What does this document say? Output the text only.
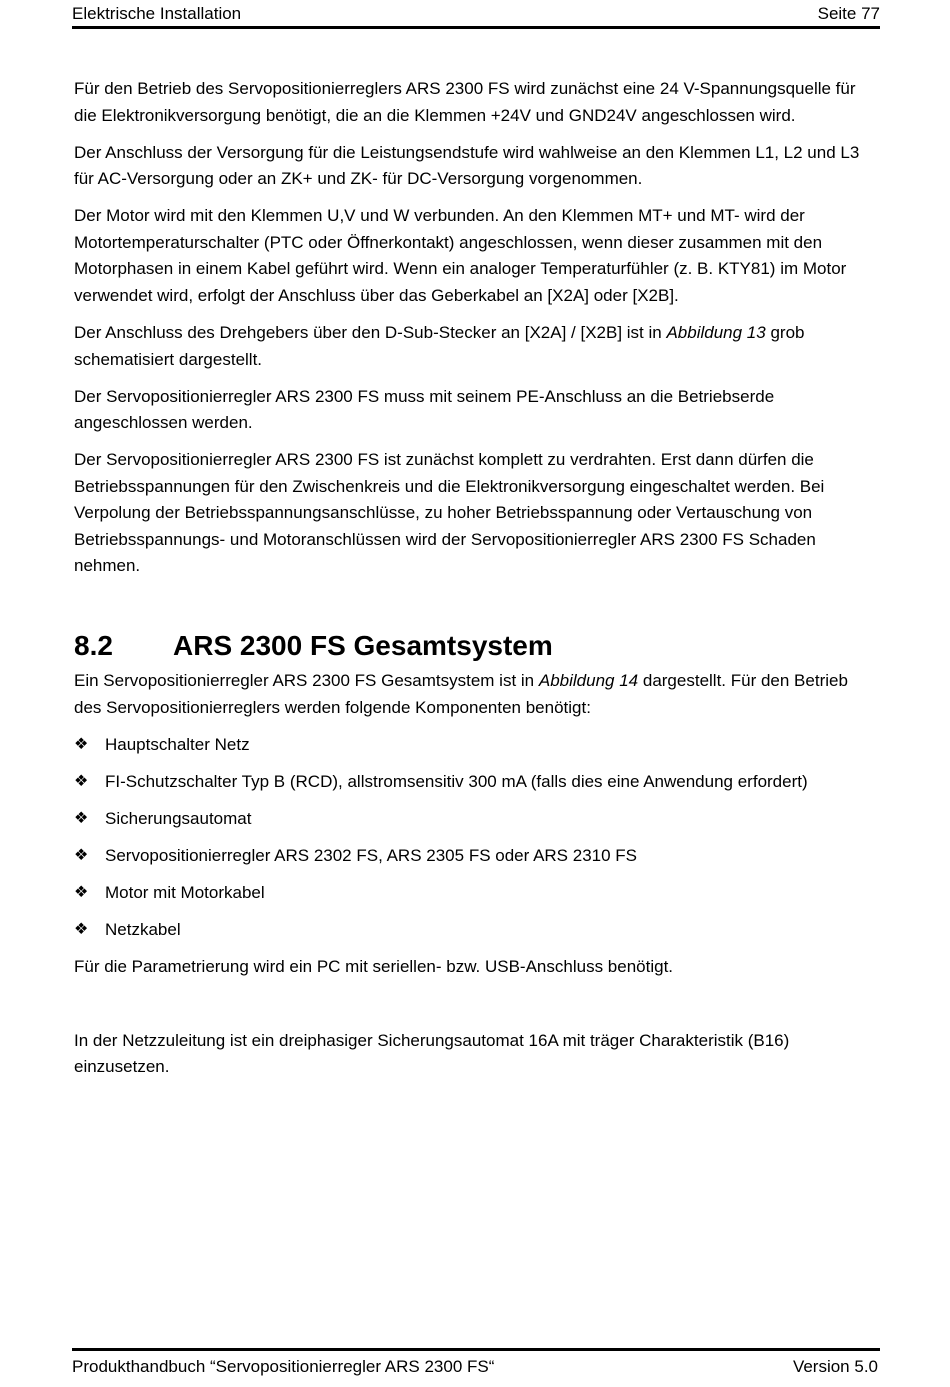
Elektrische Installation	Seite 77

Für den Betrieb des Servopositionierreglers ARS 2300 FS wird zunächst eine 24 V-Spannungsquelle für die Elektronikversorgung benötigt, die an die Klemmen +24V und GND24V angeschlossen wird.

Der Anschluss der Versorgung für die Leistungsendstufe wird wahlweise an den Klemmen L1, L2 und L3 für AC-Versorgung oder an ZK+ und ZK- für DC-Versorgung vorgenommen.

Der Motor wird mit den Klemmen U,V und W verbunden. An den Klemmen MT+ und MT- wird der Motortemperaturschalter (PTC oder Öffnerkontakt) angeschlossen, wenn dieser zusammen mit den Motorphasen in einem Kabel geführt wird. Wenn ein analoger Temperaturfühler (z. B. KTY81) im Motor verwendet wird, erfolgt der Anschluss über das Geberkabel an [X2A] oder [X2B].

Der Anschluss des Drehgebers über den D-Sub-Stecker an [X2A] / [X2B] ist in Abbildung 13 grob schematisiert dargestellt.

Der Servopositionierregler ARS 2300 FS muss mit seinem PE-Anschluss an die Betriebserde angeschlossen werden.

Der Servopositionierregler ARS 2300 FS ist zunächst komplett zu verdrahten. Erst dann dürfen die Betriebsspannungen für den Zwischenkreis und die Elektronikversorgung eingeschaltet werden. Bei Verpolung der Betriebsspannungsanschlüsse, zu hoher Betriebsspannung oder Vertauschung von Betriebsspannungs- und Motoranschlüssen wird der Servopositionierregler ARS 2300 FS Schaden nehmen.

8.2	ARS 2300 FS Gesamtsystem

Ein Servopositionierregler ARS 2300 FS Gesamtsystem ist in Abbildung 14 dargestellt. Für den Betrieb des Servopositionierreglers werden folgende Komponenten benötigt:

❖ Hauptschalter Netz
❖ FI-Schutzschalter Typ B (RCD), allstromsensitiv 300 mA (falls dies eine Anwendung erfordert)
❖ Sicherungsautomat
❖ Servopositionierregler ARS 2302 FS, ARS 2305 FS oder ARS 2310 FS
❖ Motor mit Motorkabel
❖ Netzkabel

Für die Parametrierung wird ein PC mit seriellen- bzw. USB-Anschluss benötigt.

In der Netzzuleitung ist ein dreiphasiger Sicherungsautomat 16A mit träger Charakteristik (B16) einzusetzen.

Produkthandbuch “Servopositionierregler ARS 2300 FS“	Version 5.0
